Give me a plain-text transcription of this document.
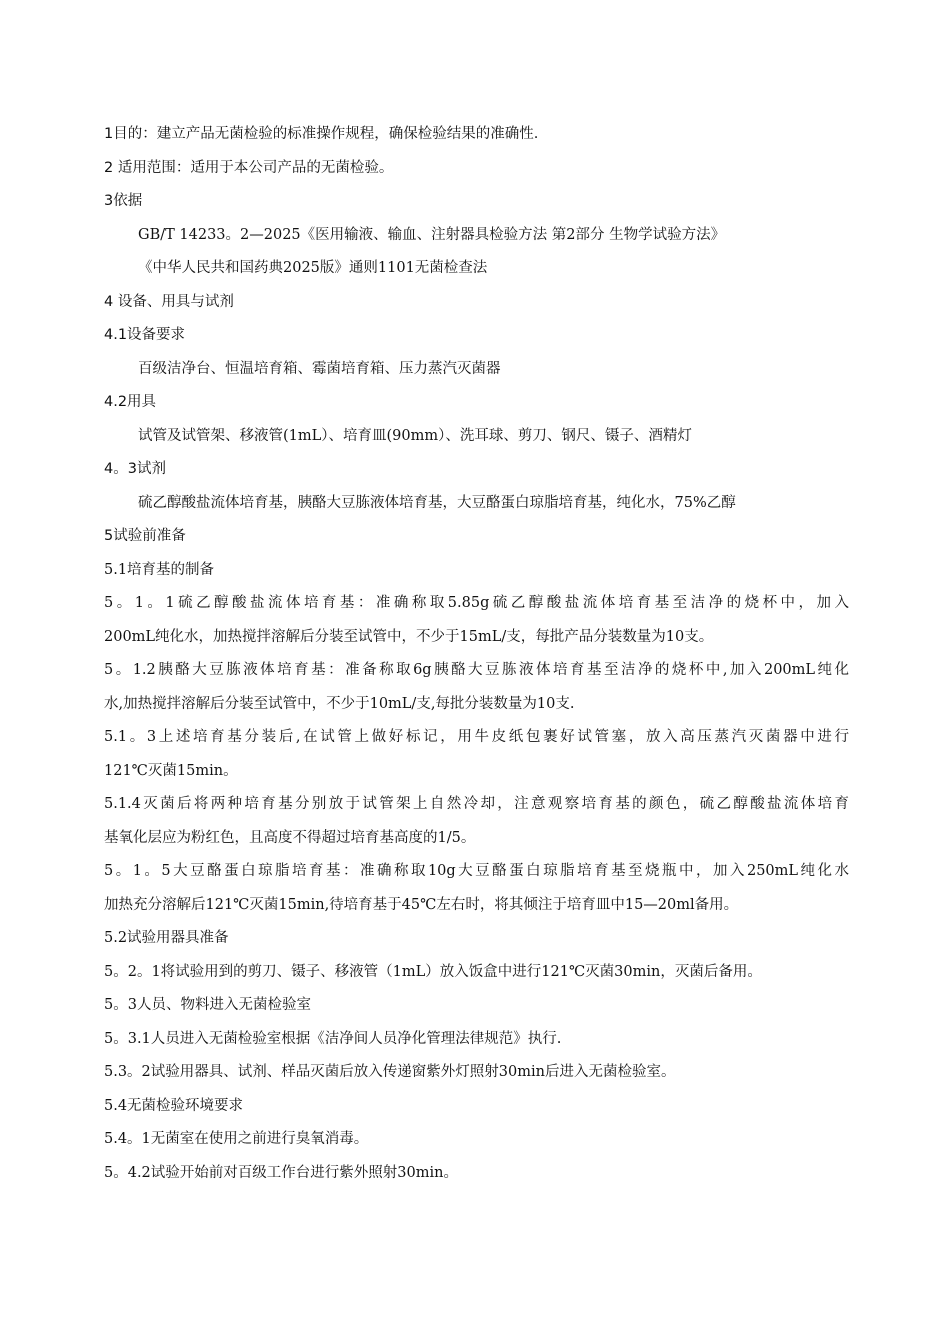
1目的：建立产品无菌检验的标准操作规程，确保检验结果的准确性.
2 适用范围：适用于本公司产品的无菌检验。
3依据
GB/T 14233。2—2025《医用输液、输血、注射器具检验方法 第2部分 生物学试验方法》
《中华人民共和国药典2025版》通则1101无菌检查法
4 设备、用具与试剂
4.1设备要求
百级洁净台、恒温培育箱、霉菌培育箱、压力蒸汽灭菌器
4.2用具
试管及试管架、移液管(1mL）、培育皿(90mm）、洗耳球、剪刀、钢尺、镊子、酒精灯
4。3试剂
硫乙醇酸盐流体培育基，胰酪大豆胨液体培育基，大豆酪蛋白琼脂培育基，纯化水，75%乙醇
5试验前准备
5.1培育基的制备
5。1。1硫乙醇酸盐流体培育基：准确称取5.85g硫乙醇酸盐流体培育基至洁净的烧杯中，加入
200mL纯化水，加热搅拌溶解后分装至试管中，不少于15mL/支，每批产品分装数量为10支。
5。1.2胰酪大豆胨液体培育基：准备称取6g胰酪大豆胨液体培育基至洁净的烧杯中,加入200mL纯化
水,加热搅拌溶解后分装至试管中，不少于10mL/支,每批分装数量为10支.
5.1。3上述培育基分装后,在试管上做好标记，用牛皮纸包裹好试管塞，放入高压蒸汽灭菌器中进行
121℃灭菌15min。
5.1.4灭菌后将两种培育基分别放于试管架上自然冷却，注意观察培育基的颜色，硫乙醇酸盐流体培育
基氧化层应为粉红色，且高度不得超过培育基高度的1/5。
5。1。5大豆酪蛋白琼脂培育基：准确称取10g大豆酪蛋白琼脂培育基至烧瓶中，加入250mL纯化水
加热充分溶解后121℃灭菌15min,待培育基于45℃左右时，将其倾注于培育皿中15—20ml备用。
5.2试验用器具准备
5。2。1将试验用到的剪刀、镊子、移液管（1mL）放入饭盒中进行121℃灭菌30min，灭菌后备用。
5。3人员、物料进入无菌检验室
5。3.1人员进入无菌检验室根据《洁净间人员净化管理法律规范》执行.
5.3。2试验用器具、试剂、样品灭菌后放入传递窗紫外灯照射30min后进入无菌检验室。
5.4无菌检验环境要求
5.4。1无菌室在使用之前进行臭氧消毒。
5。4.2试验开始前对百级工作台进行紫外照射30min。
